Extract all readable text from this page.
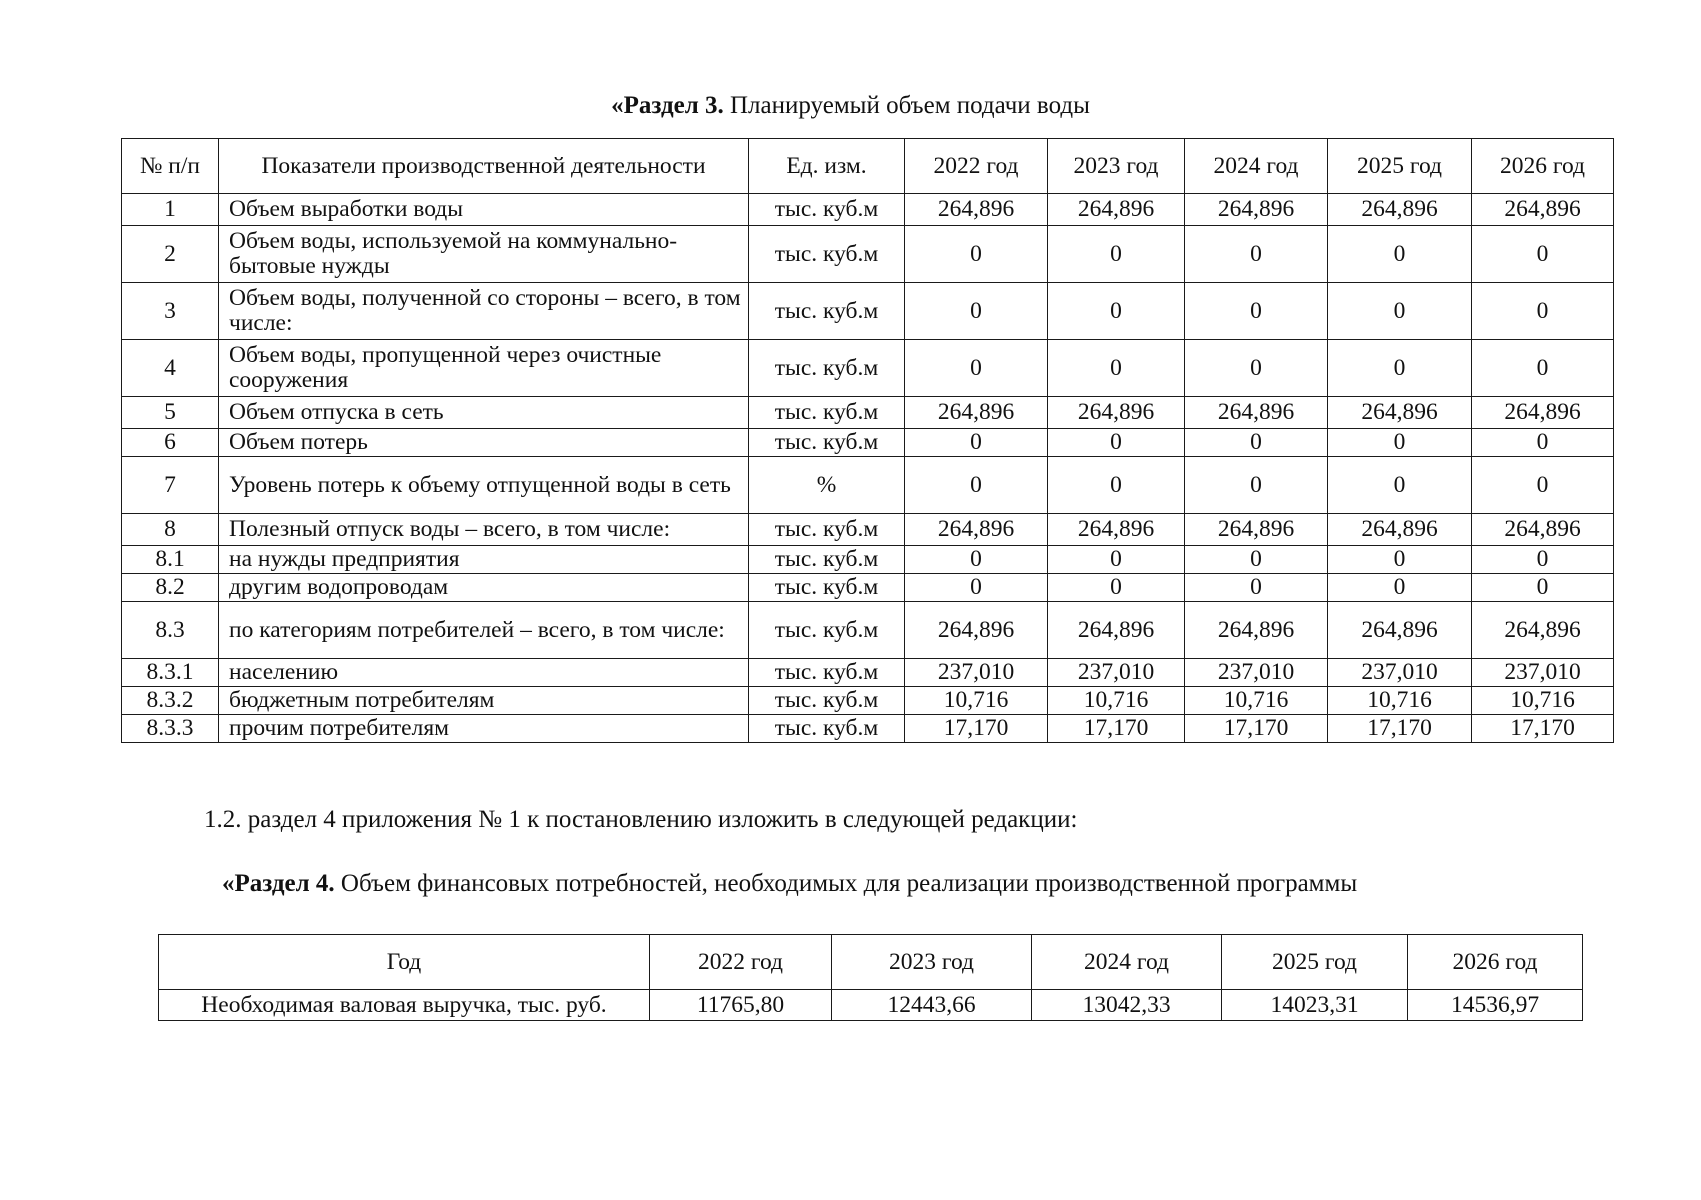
«Раздел 3. Планируемый объем подачи воды
№ п/п	Показатели производственной деятельности	Ед. изм.	2022 год	2023 год	2024 год	2025 год	2026 год
1	Объем выработки воды	тыс. куб.м	264,896	264,896	264,896	264,896	264,896
2	Объем воды, используемой на коммунально-бытовые нужды	тыс. куб.м	0	0	0	0	0
3	Объем воды, полученной со стороны – всего, в том числе:	тыс. куб.м	0	0	0	0	0
4	Объем воды, пропущенной через очистные сооружения	тыс. куб.м	0	0	0	0	0
5	Объем отпуска в сеть	тыс. куб.м	264,896	264,896	264,896	264,896	264,896
6	Объем потерь	тыс. куб.м	0	0	0	0	0
7	Уровень потерь к объему отпущенной воды в сеть	%	0	0	0	0	0
8	Полезный отпуск воды – всего, в том числе:	тыс. куб.м	264,896	264,896	264,896	264,896	264,896
8.1	на нужды предприятия	тыс. куб.м	0	0	0	0	0
8.2	другим водопроводам	тыс. куб.м	0	0	0	0	0
8.3	по категориям потребителей – всего, в том числе:	тыс. куб.м	264,896	264,896	264,896	264,896	264,896
8.3.1	населению	тыс. куб.м	237,010	237,010	237,010	237,010	237,010
8.3.2	бюджетным потребителям	тыс. куб.м	10,716	10,716	10,716	10,716	10,716
8.3.3	прочим потребителям	тыс. куб.м	17,170	17,170	17,170	17,170	17,170
1.2. раздел 4 приложения № 1 к постановлению изложить в следующей редакции:
«Раздел 4. Объем финансовых потребностей, необходимых для реализации производственной программы
Год	2022 год	2023 год	2024 год	2025 год	2026 год
Необходимая валовая выручка, тыс. руб.	11765,80	12443,66	13042,33	14023,31	14536,97
